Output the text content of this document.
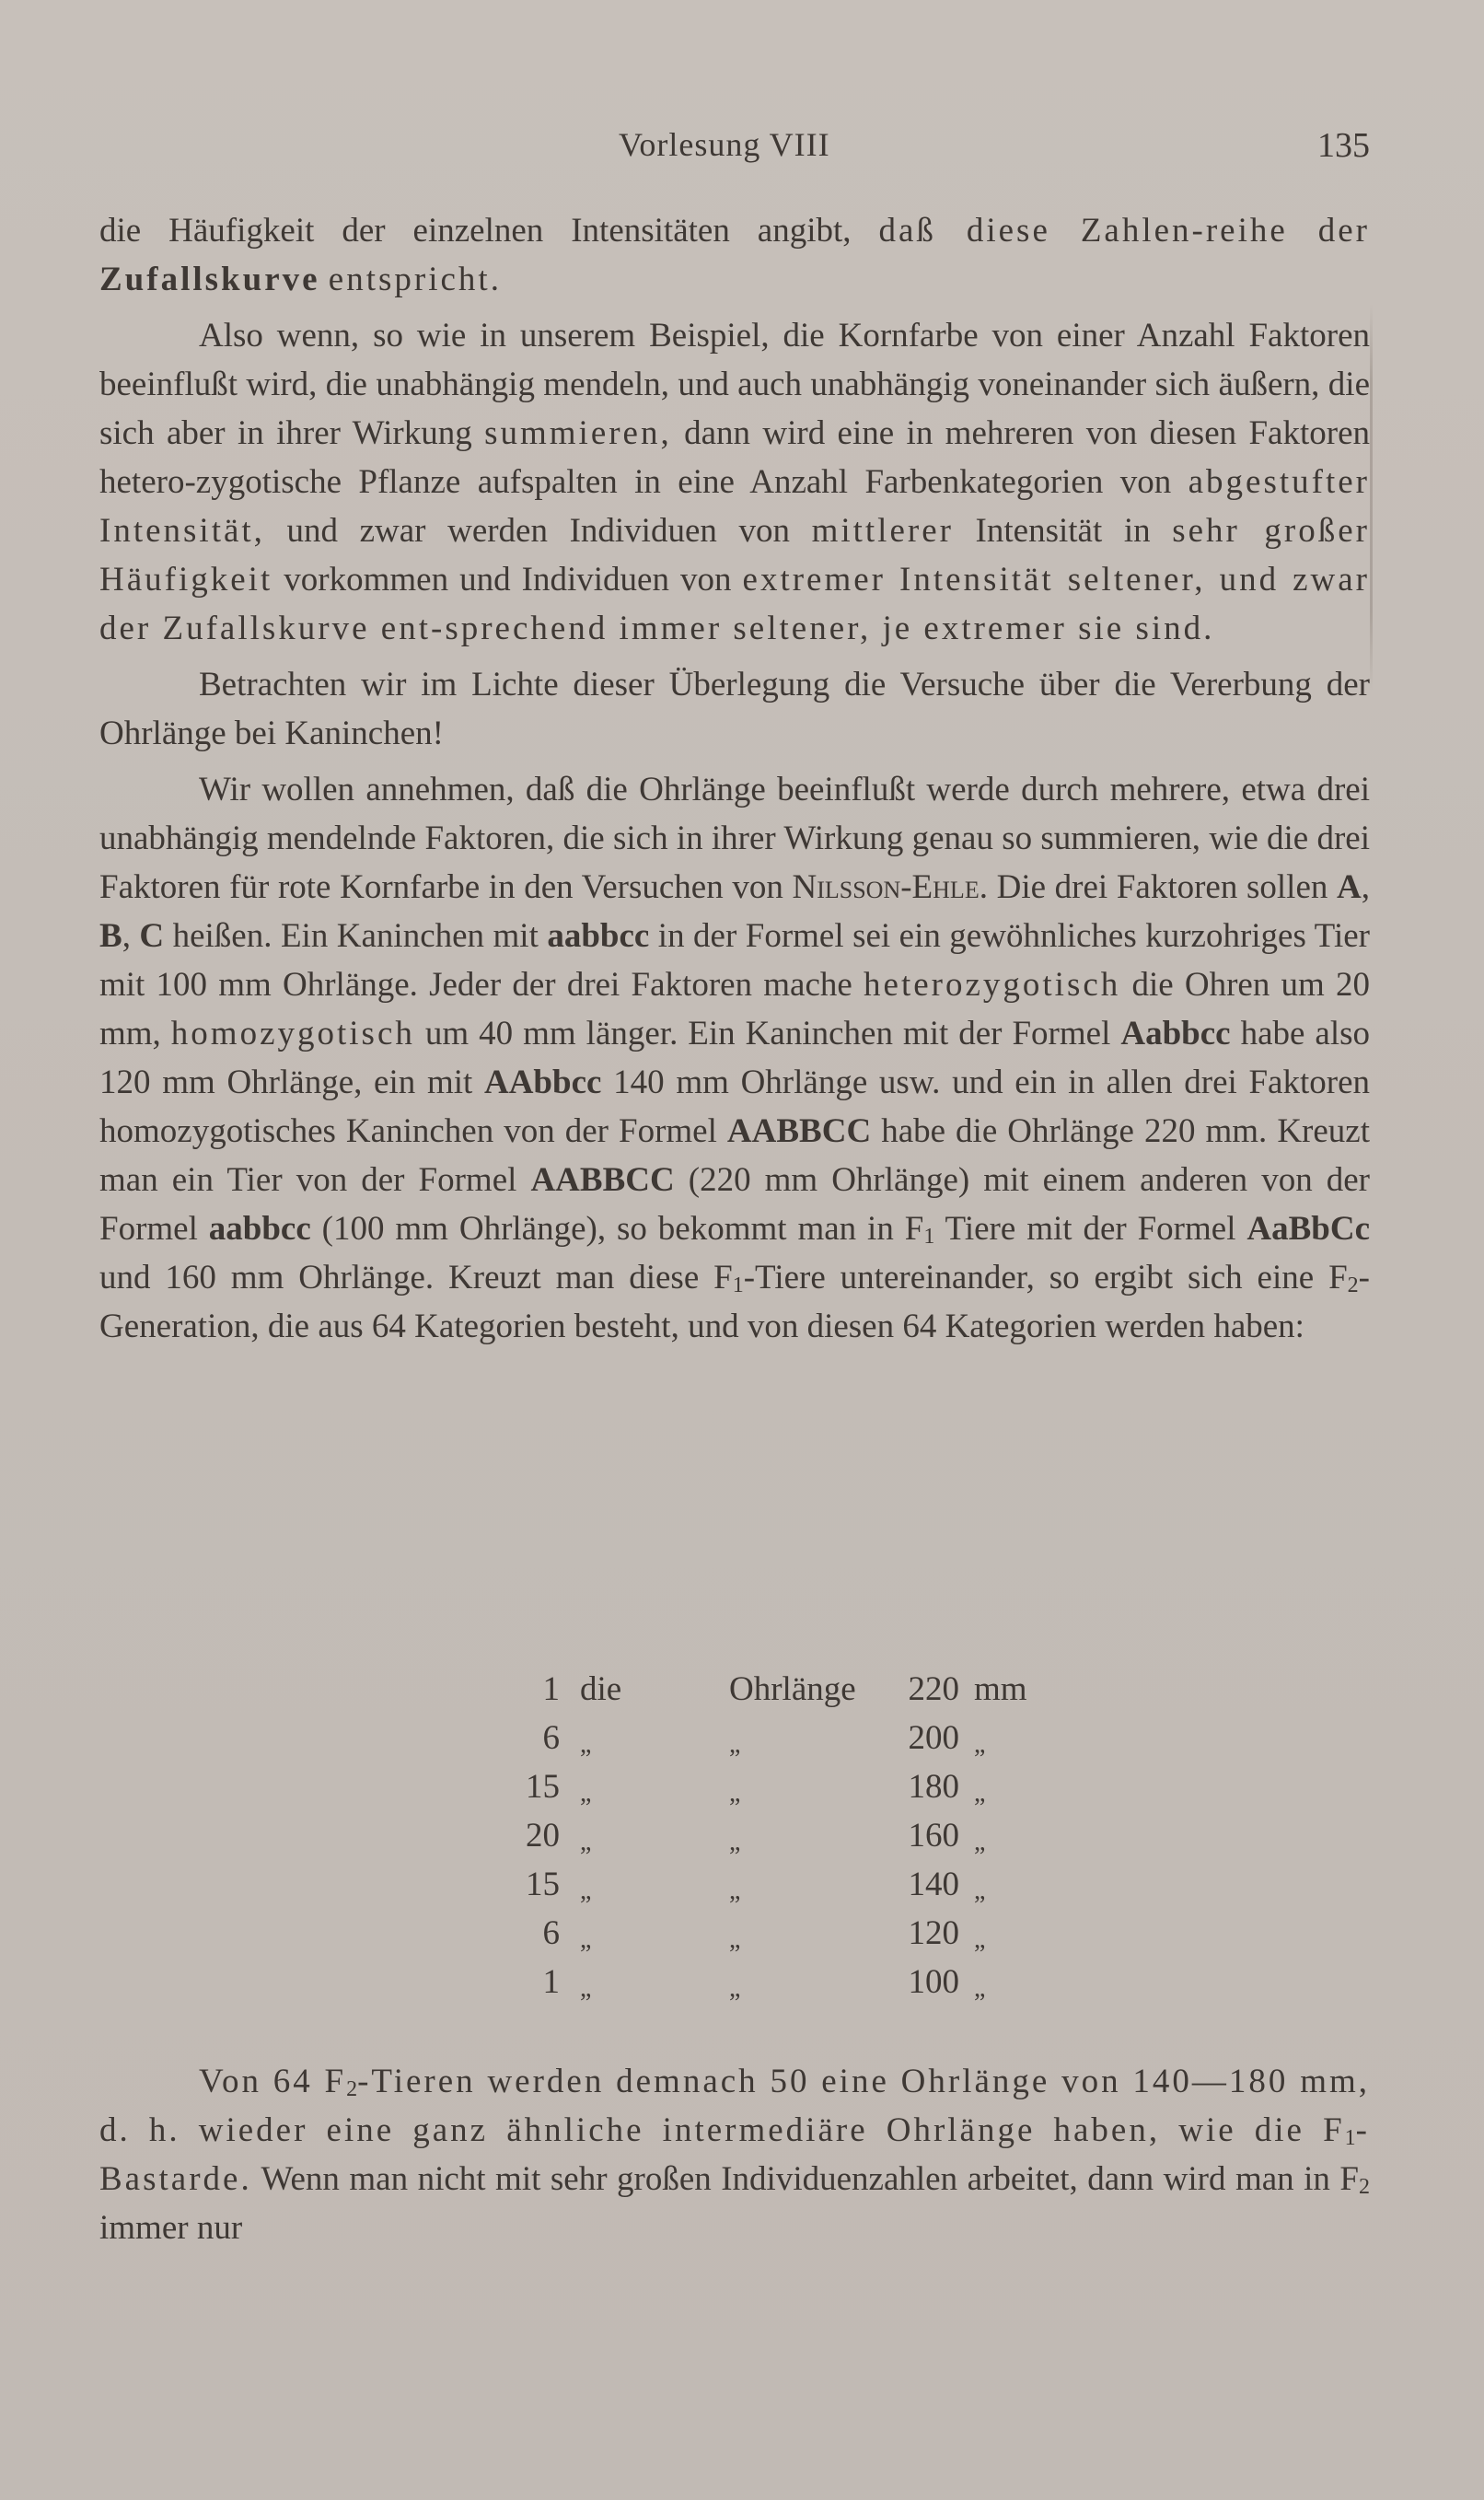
Vorlesung VIII	135

die Häufigkeit der einzelnen Intensitäten angibt, daß diese Zahlen-reihe der Zufallskurve entspricht.

Also wenn, so wie in unserem Beispiel, die Kornfarbe von einer Anzahl Faktoren beeinflußt wird, die unabhängig mendeln, und auch unabhängig voneinander sich äußern, die sich aber in ihrer Wirkung summieren, dann wird eine in mehreren von diesen Faktoren hetero-zygotische Pflanze aufspalten in eine Anzahl Farbenkategorien von abgestufter Intensität, und zwar werden Individuen von mittlerer Intensität in sehr großer Häufigkeit vorkommen und Individuen von extremer Intensität seltener, und zwar der Zufallskurve ent-sprechend immer seltener, je extremer sie sind.

Betrachten wir im Lichte dieser Überlegung die Versuche über die Vererbung der Ohrlänge bei Kaninchen!

Wir wollen annehmen, daß die Ohrlänge beeinflußt werde durch mehrere, etwa drei unabhängig mendelnde Faktoren, die sich in ihrer Wirkung genau so summieren, wie die drei Faktoren für rote Kornfarbe in den Versuchen von Nilsson-Ehle. Die drei Faktoren sollen A, B, C heißen. Ein Kaninchen mit aabbcc in der Formel sei ein gewöhnliches kurzohriges Tier mit 100 mm Ohrlänge. Jeder der drei Faktoren mache heterozygotisch die Ohren um 20 mm, homozygotisch um 40 mm länger. Ein Kaninchen mit der Formel Aabbcc habe also 120 mm Ohrlänge, ein mit AAbbcc 140 mm Ohrlänge usw. und ein in allen drei Faktoren homozygotisches Kaninchen von der Formel AABBCC habe die Ohrlänge 220 mm. Kreuzt man ein Tier von der Formel AABBCC (220 mm Ohrlänge) mit einem anderen von der Formel aabbcc (100 mm Ohrlänge), so bekommt man in $F_1$ Tiere mit der Formel AaBbCc und 160 mm Ohrlänge. Kreuzt man diese $F_1$-Tiere untereinander, so ergibt sich eine $F_2$-Generation, die aus 64 Kategorien besteht, und von diesen 64 Kategorien werden haben:

1	die	Ohrlänge	220	mm
6	„	„	200	„
15	„	„	180	„
20	„	„	160	„
15	„	„	140	„
6	„	„	120	„
1	„	„	100	„

Von 64 $F_2$-Tieren werden demnach 50 eine Ohrlänge von 140—180 mm, d. h. wieder eine ganz ähnliche intermediäre Ohrlänge haben, wie die $F_1$-Bastarde. Wenn man nicht mit sehr großen Individuenzahlen arbeitet, dann wird man in $F_2$ immer nur
